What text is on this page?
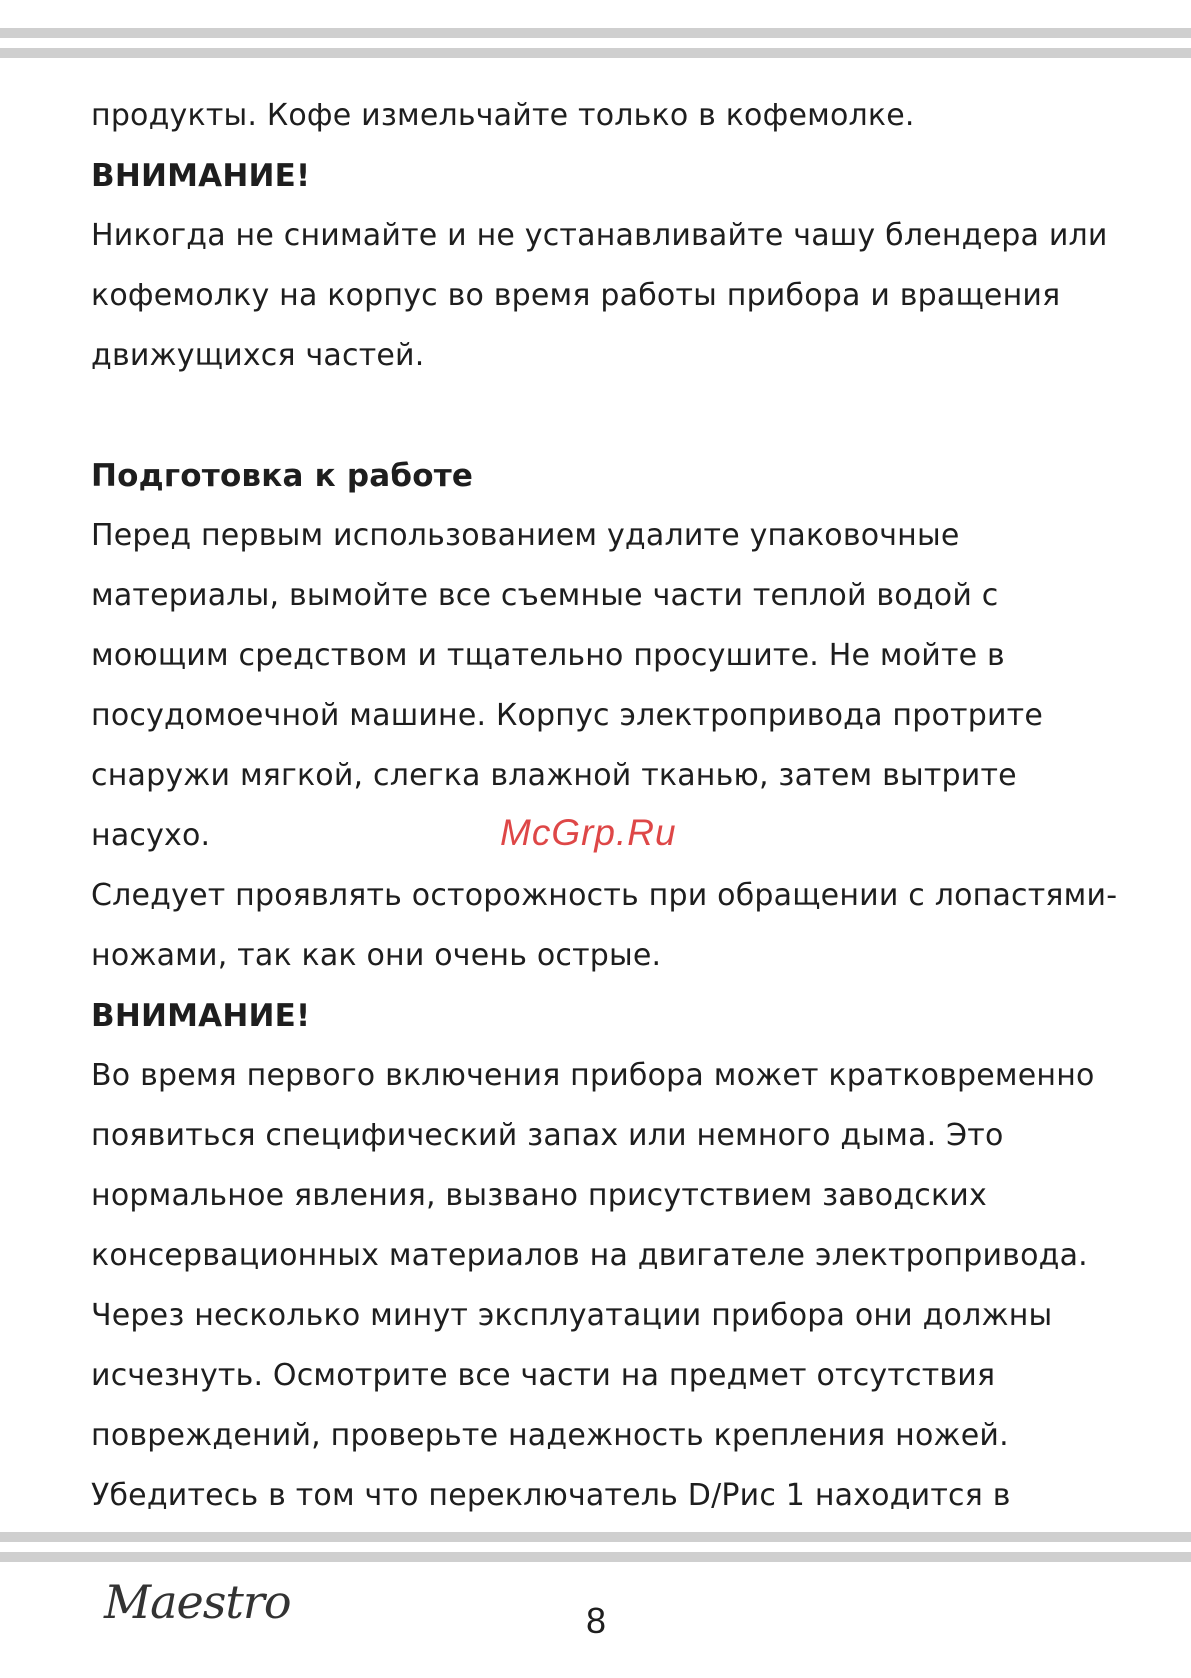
продукты. Кофе измельчайте только в кофемолке.

ВНИМАНИЕ!

Никогда не снимайте и не устанавливайте чашу блендера или кофемолку на корпус во время работы прибора и вращения движущихся частей.

Подготовка к работе

Перед первым использованием удалите упаковочные материалы, вымойте все съемные части теплой водой с моющим средством и тщательно просушите. Не мойте в посудомоечной машине. Корпус электропривода протрите снаружи мягкой, слегка влажной тканью, затем вытрите насухо.

Следует проявлять осторожность при обращении с лопастями-ножами, так как они очень острые.

ВНИМАНИЕ!

Во время первого включения прибора может кратковременно появиться специфический запах или немного дыма. Это нормальное явления, вызвано присутствием заводских консервационных материалов на двигателе электропривода. Через несколько минут эксплуатации прибора они должны исчезнуть. Осмотрите все части на предмет отсутствия повреждений, проверьте надежность крепления ножей. Убедитесь в том что переключатель D/Рис 1 находится в

McGrp.Ru
Maestro	8
